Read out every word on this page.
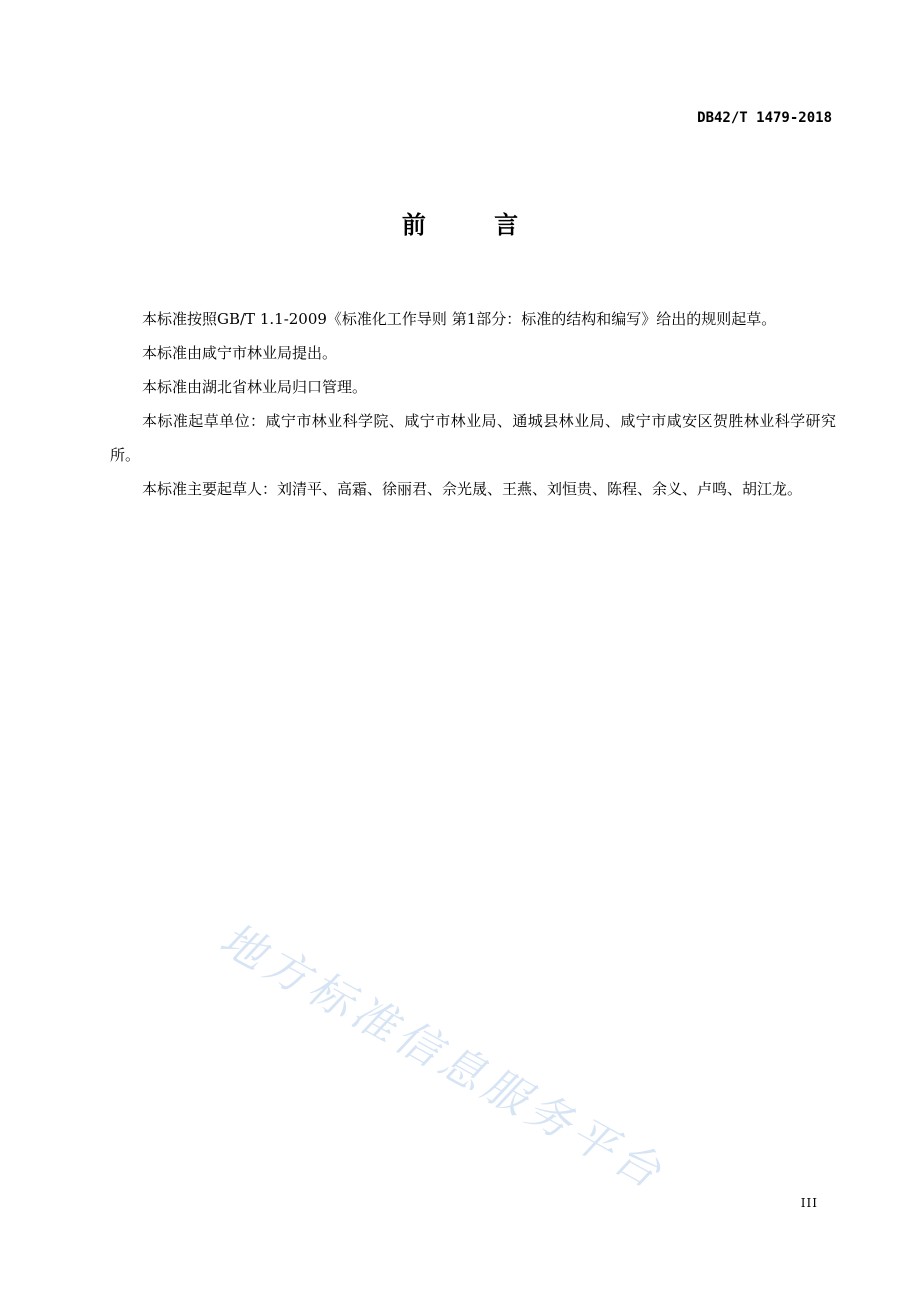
DB42/T 1479-2018
前 言

本标准按照GB/T 1.1-2009《标准化工作导则 第1部分：标准的结构和编写》给出的规则起草。

本标准由咸宁市林业局提出。

本标准由湖北省林业局归口管理。

本标准起草单位：咸宁市林业科学院、咸宁市林业局、通城县林业局、咸宁市咸安区贺胜林业科学研究所。

本标准主要起草人：刘清平、高霜、徐丽君、佘光晟、王燕、刘恒贵、陈程、余义、卢鸣、胡江龙。

地方标准信息服务平台
III
